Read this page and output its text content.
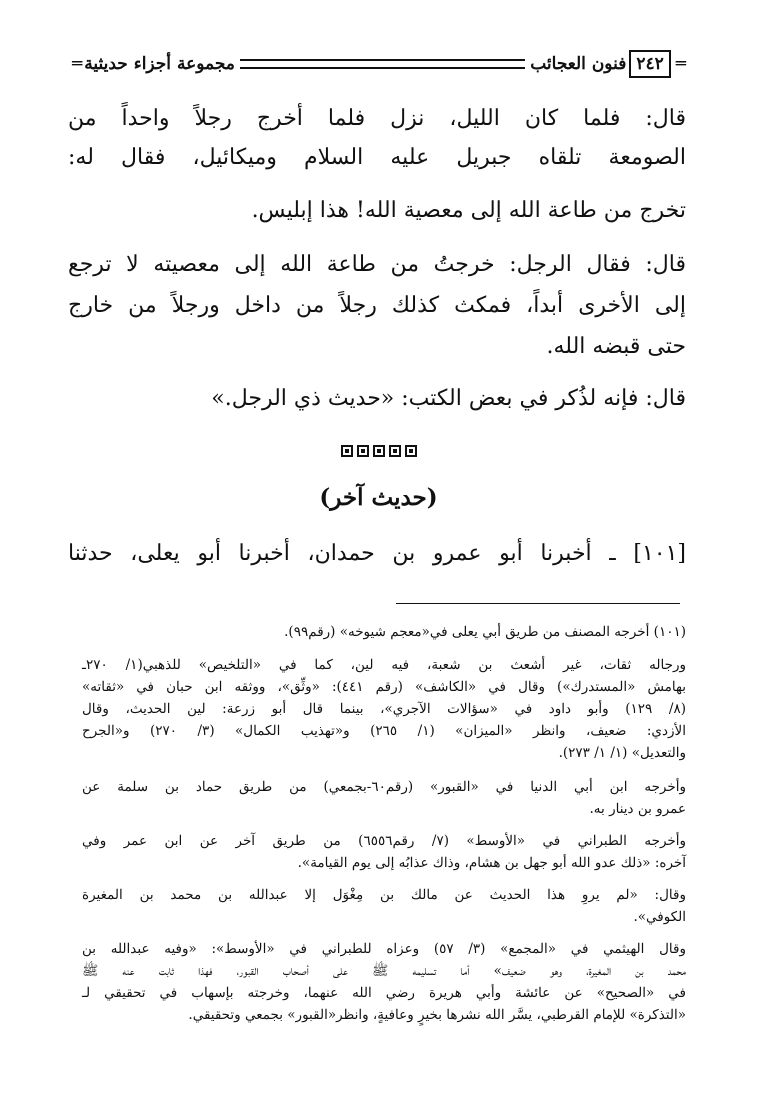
═
٢٤٢
فنون العجائب
مجموعة أجزاء حديثية
═

قال: فلما كان الليل، نزل فلما أخرج رجلاً واحداً من

الصومعة تلقاه جبريل عليه السلام وميكائيل، فقال له:

تخرج من طاعة الله إلى معصية الله! هذا إبليس.

قال: فقال الرجل: خرجتُ من طاعة الله إلى معصيته لا ترجع

إلى الأخرى أبداً، فمكث كذلك رجلاً من داخل ورجلاً من خارج

حتى قبضه الله.

قال: فإنه لذُكر في بعض الكتب: «حديث ذي الرجل.»

(حديث آخر)

[١٠١] ـ أخبرنا أبو عمرو بن حمدان، أخبرنا أبو يعلى، حدثنا

(١٠١) أخرجه المصنف من طريق أبي يعلى في«معجم شيوخه» (رقم٩٩).

ورجاله ثقات، غير أشعث بن شعبة، فيه لين، كما في «التلخيص» للذهبي(١/ ٢٧٠ـ
بهامش «المستدرك») وقال في «الكاشف» (رقم ٤٤١): «وثِّق»، ووثقه ابن حبان في «ثقاته»
(٨/ ١٢٩) وأبو داود في «سؤالات الآجري»، بينما قال أبو زرعة: لين الحديث، وقال
الأزدي: ضعيف، وانظر «الميزان» (١/ ٢٦٥) و«تهذيب الكمال» (٣/ ٢٧٠) و«الجرح
والتعديل» (١/ ١/ ٢٧٣).

وأخرجه ابن أبي الدنيا في «القبور» (رقم٦٠-بجمعي) من طريق حماد بن سلمة عن
عمرو بن دينار به.

وأخرجه الطبراني في «الأوسط» (٧/ رقم٦٥٥٦) من طريق آخر عن ابن عمر وفي
آخره: «ذلك عدو الله أبو جهل بن هشام، وذاك عذابُه إلى يوم القيامة».

وقال: «لم يروِ هذا الحديث عن مالك بن مِغْوَل إلا عبدالله بن محمد بن المغيرة
الكوفي».

وقال الهيثمي في «المجمع» (٣/ ٥٧) وعزاه للطبراني في «الأوسط»: «وفيه عبدالله بن
محمد بن المغيرة، وهو ضعيف» أما تسليمه ﷺ على أصحاب القبور، فهذا ثابت عنه ﷺ
في «الصحيح» عن عائشة وأبي هريرة رضي الله عنهما، وخرجته بإسهاب في تحقيقي لـ
«التذكرة» للإمام القرطبي، يسَّر الله نشرها بخيرٍ وعافيةٍ، وانظر«القبور» بجمعي وتحقيقي.
